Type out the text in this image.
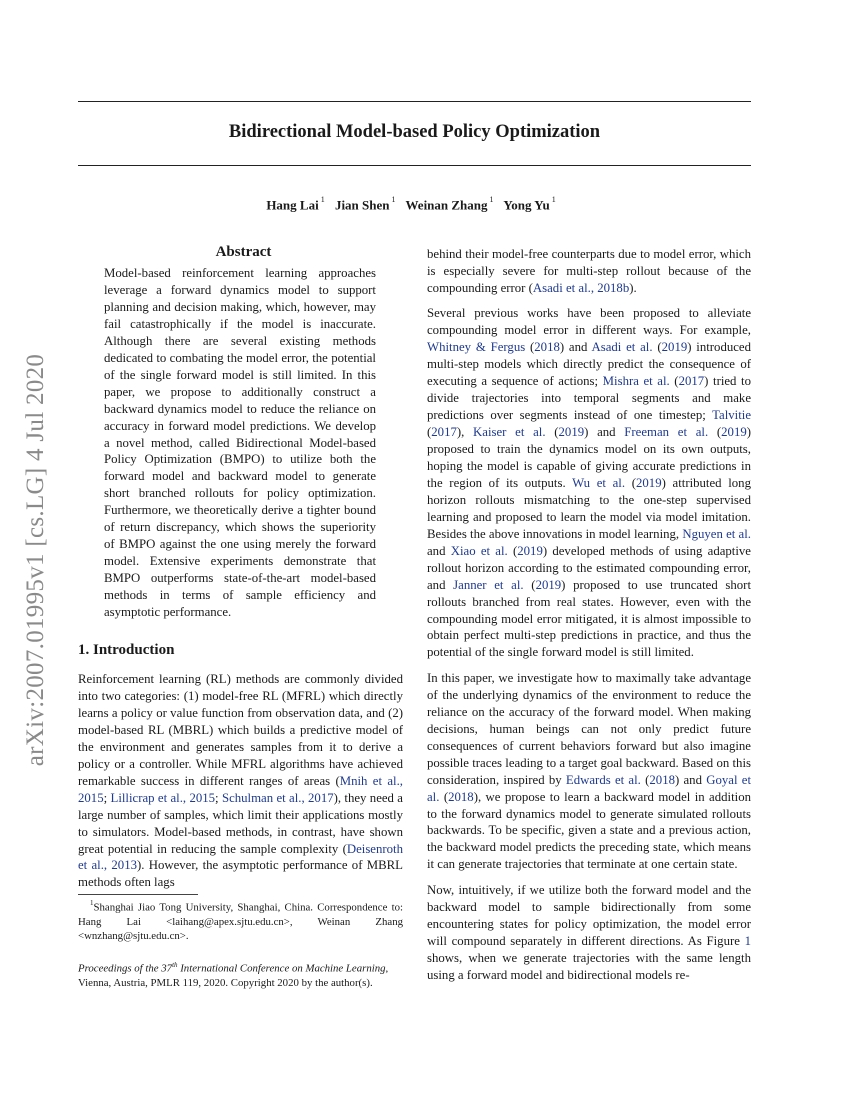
arXiv:2007.01995v1 [cs.LG] 4 Jul 2020
Bidirectional Model-based Policy Optimization
Hang Lai $^1$ Jian Shen $^1$ Weinan Zhang $^1$ Yong Yu $^1$
Abstract

Model-based reinforcement learning approaches leverage a forward dynamics model to support planning and decision making, which, however, may fail catastrophically if the model is inaccurate. Although there are several existing methods dedicated to combating the model error, the potential of the single forward model is still limited. In this paper, we propose to additionally construct a backward dynamics model to reduce the reliance on accuracy in forward model predictions. We develop a novel method, called Bidirectional Model-based Policy Optimization (BMPO) to utilize both the forward model and backward model to generate short branched rollouts for policy optimization. Furthermore, we theoretically derive a tighter bound of return discrepancy, which shows the superiority of BMPO against the one using merely the forward model. Extensive experiments demonstrate that BMPO outperforms state-of-the-art model-based methods in terms of sample efficiency and asymptotic performance.

1. Introduction

Reinforcement learning (RL) methods are commonly divided into two categories: (1) model-free RL (MFRL) which directly learns a policy or value function from observation data, and (2) model-based RL (MBRL) which builds a predictive model of the environment and generates samples from it to derive a policy or a controller. While MFRL algorithms have achieved remarkable success in different ranges of areas (Mnih et al., 2015; Lillicrap et al., 2015; Schulman et al., 2017), they need a large number of samples, which limit their applications mostly to simulators. Model-based methods, in contrast, have shown great potential in reducing the sample complexity (Deisenroth et al., 2013). However, the asymptotic performance of MBRL methods often lags

$^1$Shanghai Jiao Tong University, Shanghai, China. Correspondence to: Hang Lai <laihang@apex.sjtu.edu.cn>, Weinan Zhang <wnzhang@sjtu.edu.cn>.

Proceedings of the 37th International Conference on Machine Learning, Vienna, Austria, PMLR 119, 2020. Copyright 2020 by the author(s).

behind their model-free counterparts due to model error, which is especially severe for multi-step rollout because of the compounding error (Asadi et al., 2018b).

Several previous works have been proposed to alleviate compounding model error in different ways. For example, Whitney & Fergus (2018) and Asadi et al. (2019) introduced multi-step models which directly predict the consequence of executing a sequence of actions; Mishra et al. (2017) tried to divide trajectories into temporal segments and make predictions over segments instead of one timestep; Talvitie (2017), Kaiser et al. (2019) and Freeman et al. (2019) proposed to train the dynamics model on its own outputs, hoping the model is capable of giving accurate predictions in the region of its outputs. Wu et al. (2019) attributed long horizon rollouts mismatching to the one-step supervised learning and proposed to learn the model via model imitation. Besides the above innovations in model learning, Nguyen et al. and Xiao et al. (2019) developed methods of using adaptive rollout horizon according to the estimated compounding error, and Janner et al. (2019) proposed to use truncated short rollouts branched from real states. However, even with the compounding model error mitigated, it is almost impossible to obtain perfect multi-step predictions in practice, and thus the potential of the single forward model is still limited.

In this paper, we investigate how to maximally take advantage of the underlying dynamics of the environment to reduce the reliance on the accuracy of the forward model. When making decisions, human beings can not only predict future consequences of current behaviors forward but also imagine possible traces leading to a target goal backward. Based on this consideration, inspired by Edwards et al. (2018) and Goyal et al. (2018), we propose to learn a backward model in addition to the forward dynamics model to generate simulated rollouts backwards. To be specific, given a state and a previous action, the backward model predicts the preceding state, which means it can generate trajectories that terminate at one certain state.

Now, intuitively, if we utilize both the forward model and the backward model to sample bidirectionally from some encountering states for policy optimization, the model error will compound separately in different directions. As Figure 1 shows, when we generate trajectories with the same length using a forward model and bidirectional models re-
